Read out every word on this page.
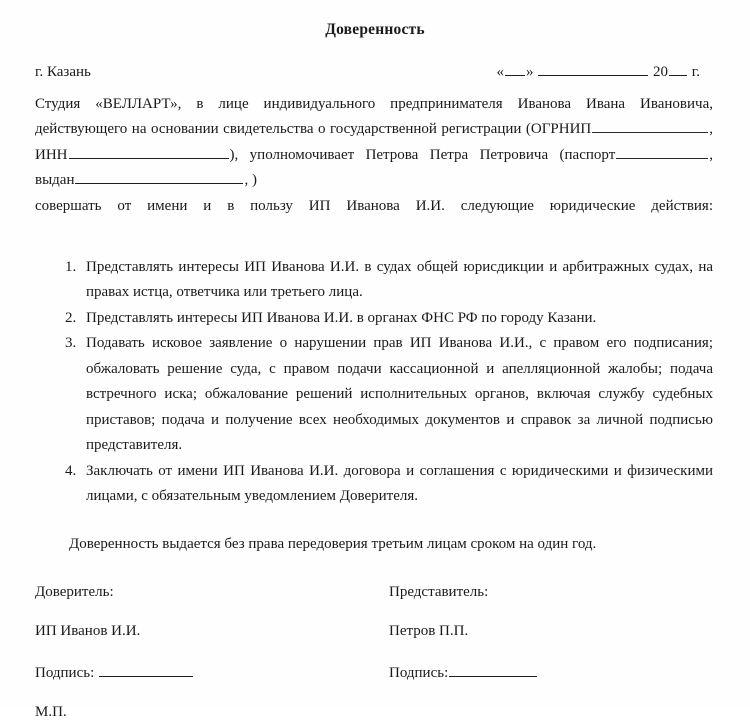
Доверенность
г. Казань	« »	20 г.

Студия «ВЕЛЛАРТ», в лице индивидуального предпринимателя Иванова Ивана Ивановича, действующего на основании свидетельства о государственной регистрации (ОГРНИП	, ИНН	), уполномочивает Петрова Петра Петровича (паспорт	, выдан	, )
совершать от имени и в пользу ИП Иванова И.И. следующие юридические действия:

Представлять интересы ИП Иванова И.И. в судах общей юрисдикции и арбитражных судах, на правах истца, ответчика или третьего лица.
Представлять интересы ИП Иванова И.И. в органах ФНС РФ по городу Казани.
Подавать исковое заявление о нарушении прав ИП Иванова И.И., с правом его подписания; обжаловать решение суда, с правом подачи кассационной и апелляционной жалобы; подача встречного иска; обжалование решений исполнительных органов, включая службу судебных приставов; подача и получение всех необходимых документов и справок за личной подписью представителя.
Заключать от имени ИП Иванова И.И. договора и соглашения с юридическими и физическими лицами, с обязательным уведомлением Доверителя.

Доверенность выдается без права передоверия третьим лицам сроком на один год.

Доверитель:	Представитель:
ИП Иванов И.И.	Петров П.П.
Подпись:	Подпись:
М.П.
